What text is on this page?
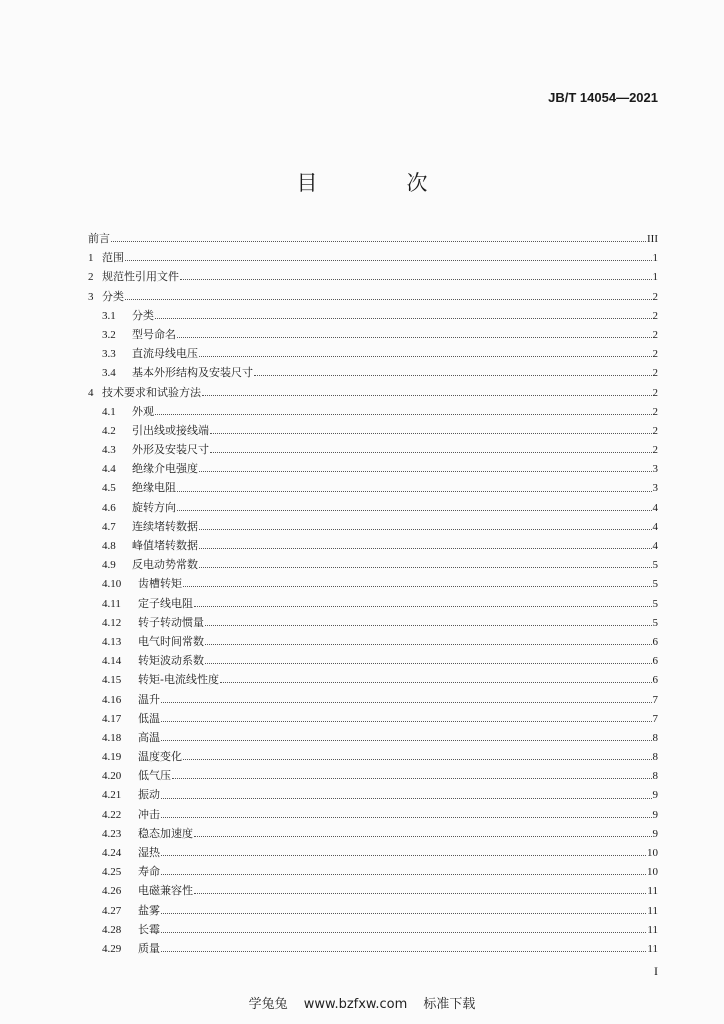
JB/T 14054—2021
目　次
前言	III
1 范围	1
2 规范性引用文件	1
3 分类	2
3.1	分类	2
3.2	型号命名	2
3.3	直流母线电压	2
3.4	基本外形结构及安装尺寸	2
4 技术要求和试验方法	2
4.1	外观	2
4.2	引出线或接线端	2
4.3	外形及安装尺寸	2
4.4	绝缘介电强度	3
4.5	绝缘电阻	3
4.6	旋转方向	4
4.7	连续堵转数据	4
4.8	峰值堵转数据	4
4.9	反电动势常数	5
4.10	齿槽转矩	5
4.11	定子线电阻	5
4.12	转子转动惯量	5
4.13	电气时间常数	6
4.14	转矩波动系数	6
4.15	转矩-电流线性度	6
4.16	温升	7
4.17	低温	7
4.18	高温	8
4.19	温度变化	8
4.20	低气压	8
4.21	振动	9
4.22	冲击	9
4.23	稳态加速度	9
4.24	湿热	10
4.25	寿命	10
4.26	电磁兼容性	11
4.27	盐雾	11
4.28	长霉	11
4.29	质量	11
I
学兔兔 www.bzfxw.com 标准下载
